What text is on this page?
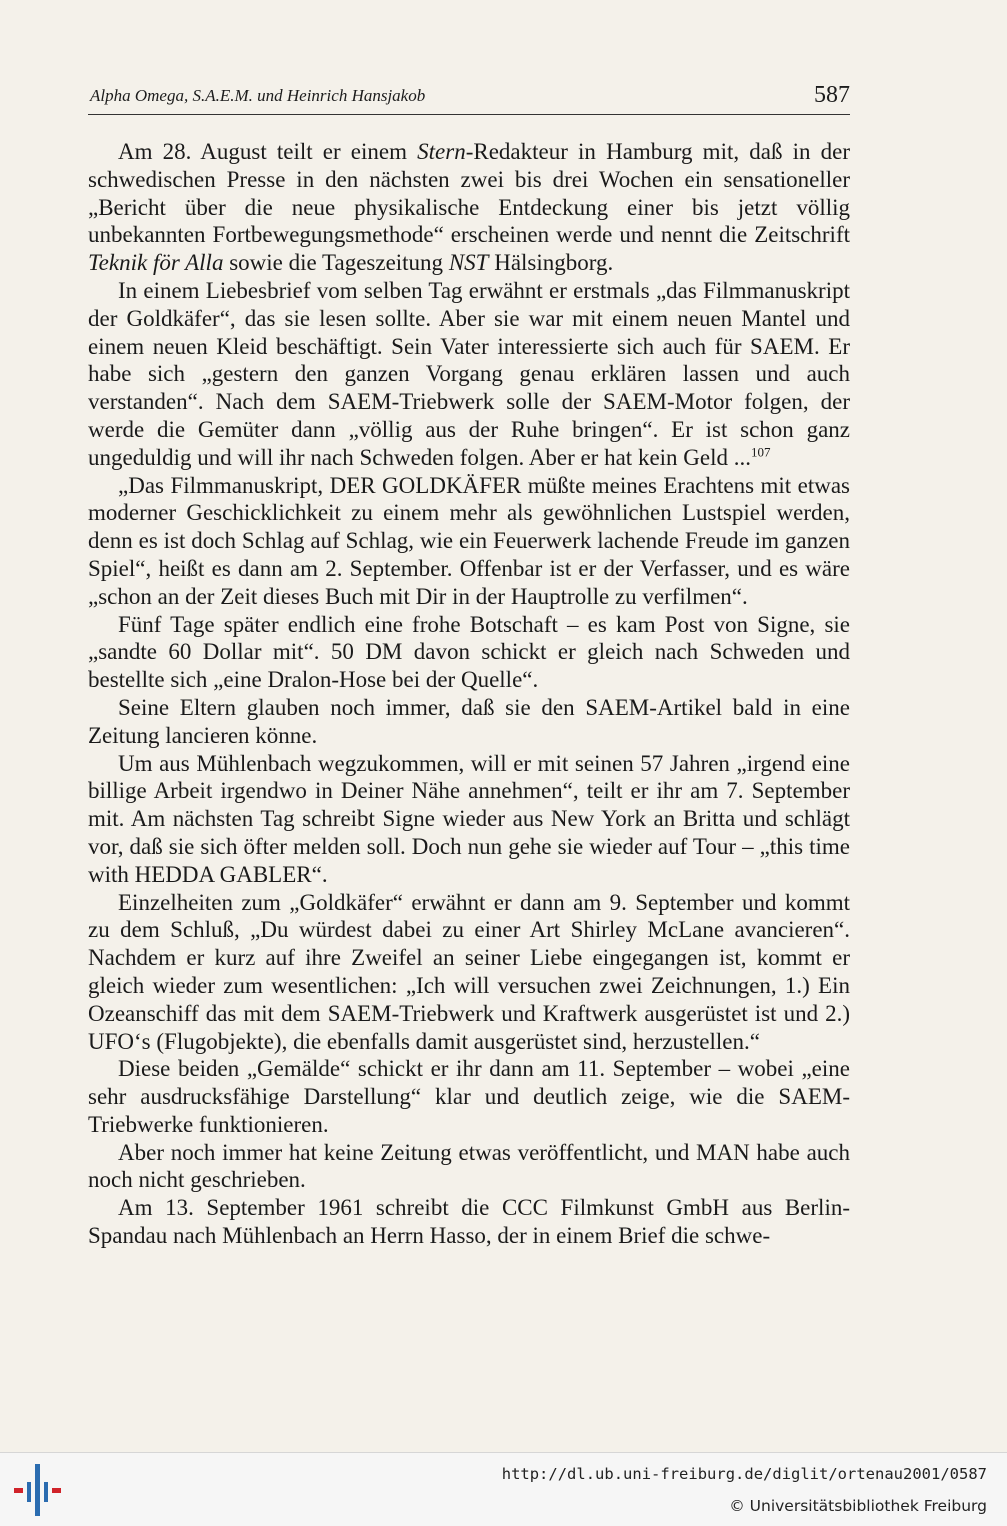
Alpha Omega, S.A.E.M. und Heinrich Hansjakob	587

Am 28. August teilt er einem Stern-Redakteur in Hamburg mit, daß in der schwedischen Presse in den nächsten zwei bis drei Wochen ein sensationeller „Bericht über die neue physikalische Entdeckung einer bis jetzt völlig unbekannten Fortbewegungsmethode“ erscheinen werde und nennt die Zeitschrift Teknik för Alla sowie die Tageszeitung NST Hälsingborg.

In einem Liebesbrief vom selben Tag erwähnt er erstmals „das Filmmanuskript der Goldkäfer“, das sie lesen sollte. Aber sie war mit einem neuen Mantel und einem neuen Kleid beschäftigt. Sein Vater interessierte sich auch für SAEM. Er habe sich „gestern den ganzen Vorgang genau erklären lassen und auch verstanden“. Nach dem SAEM-Triebwerk solle der SAEM-Motor folgen, der werde die Gemüter dann „völlig aus der Ruhe bringen“. Er ist schon ganz ungeduldig und will ihr nach Schweden folgen. Aber er hat kein Geld ...$^{107}$

„Das Filmmanuskript, DER GOLDKÄFER müßte meines Erachtens mit etwas moderner Geschicklichkeit zu einem mehr als gewöhnlichen Lustspiel werden, denn es ist doch Schlag auf Schlag, wie ein Feuerwerk lachende Freude im ganzen Spiel“, heißt es dann am 2. September. Offenbar ist er der Verfasser, und es wäre „schon an der Zeit dieses Buch mit Dir in der Hauptrolle zu verfilmen“.

Fünf Tage später endlich eine frohe Botschaft – es kam Post von Signe, sie „sandte 60 Dollar mit“. 50 DM davon schickt er gleich nach Schweden und bestellte sich „eine Dralon-Hose bei der Quelle“.

Seine Eltern glauben noch immer, daß sie den SAEM-Artikel bald in eine Zeitung lancieren könne.

Um aus Mühlenbach wegzukommen, will er mit seinen 57 Jahren „irgend eine billige Arbeit irgendwo in Deiner Nähe annehmen“, teilt er ihr am 7. September mit. Am nächsten Tag schreibt Signe wieder aus New York an Britta und schlägt vor, daß sie sich öfter melden soll. Doch nun gehe sie wieder auf Tour – „this time with HEDDA GABLER“.

Einzelheiten zum „Goldkäfer“ erwähnt er dann am 9. September und kommt zu dem Schluß, „Du würdest dabei zu einer Art Shirley McLane avancieren“. Nachdem er kurz auf ihre Zweifel an seiner Liebe eingegangen ist, kommt er gleich wieder zum wesentlichen: „Ich will versuchen zwei Zeichnungen, 1.) Ein Ozeanschiff das mit dem SAEM-Triebwerk und Kraftwerk ausgerüstet ist und 2.) UFO‘s (Flugobjekte), die ebenfalls damit ausgerüstet sind, herzustellen.“

Diese beiden „Gemälde“ schickt er ihr dann am 11. September – wobei „eine sehr ausdrucksfähige Darstellung“ klar und deutlich zeige, wie die SAEM-Triebwerke funktionieren.

Aber noch immer hat keine Zeitung etwas veröffentlicht, und MAN habe auch noch nicht geschrieben.

Am 13. September 1961 schreibt die CCC Filmkunst GmbH aus Berlin-Spandau nach Mühlenbach an Herrn Hasso, der in einem Brief die schwe-

http://dl.ub.uni-freiburg.de/diglit/ortenau2001/0587
© Universitätsbibliothek Freiburg
